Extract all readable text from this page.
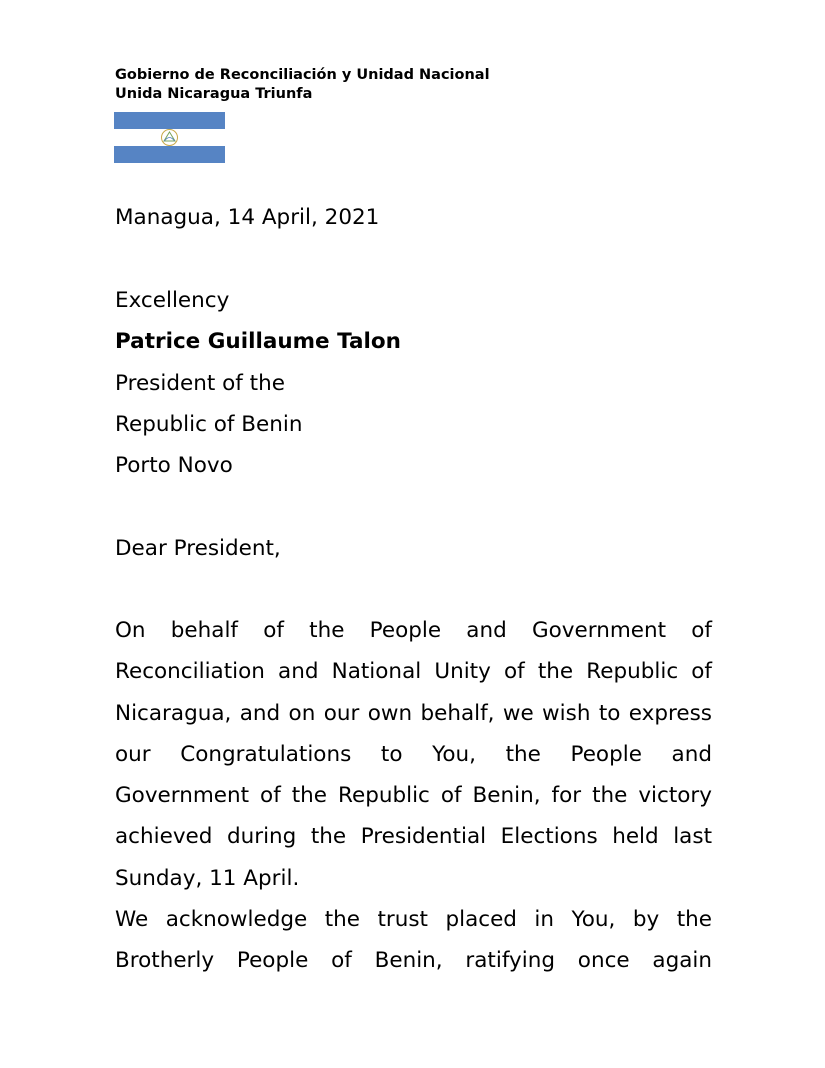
Gobierno de Reconciliación y Unidad Nacional
Unida Nicaragua Triunfa
Managua, 14 April, 2021
Excellency
Patrice Guillaume Talon
President of the
Republic of Benin
Porto Novo
Dear President,

On behalf of the People and Government of Reconciliation and National Unity of the Republic of Nicaragua, and on our own behalf, we wish to express our Congratulations to You, the People and Government of the Republic of Benin, for the victory achieved during the Presidential Elections held last Sunday, 11 April.

We acknowledge the trust placed in You, by the Brotherly People of Benin, ratifying once again
